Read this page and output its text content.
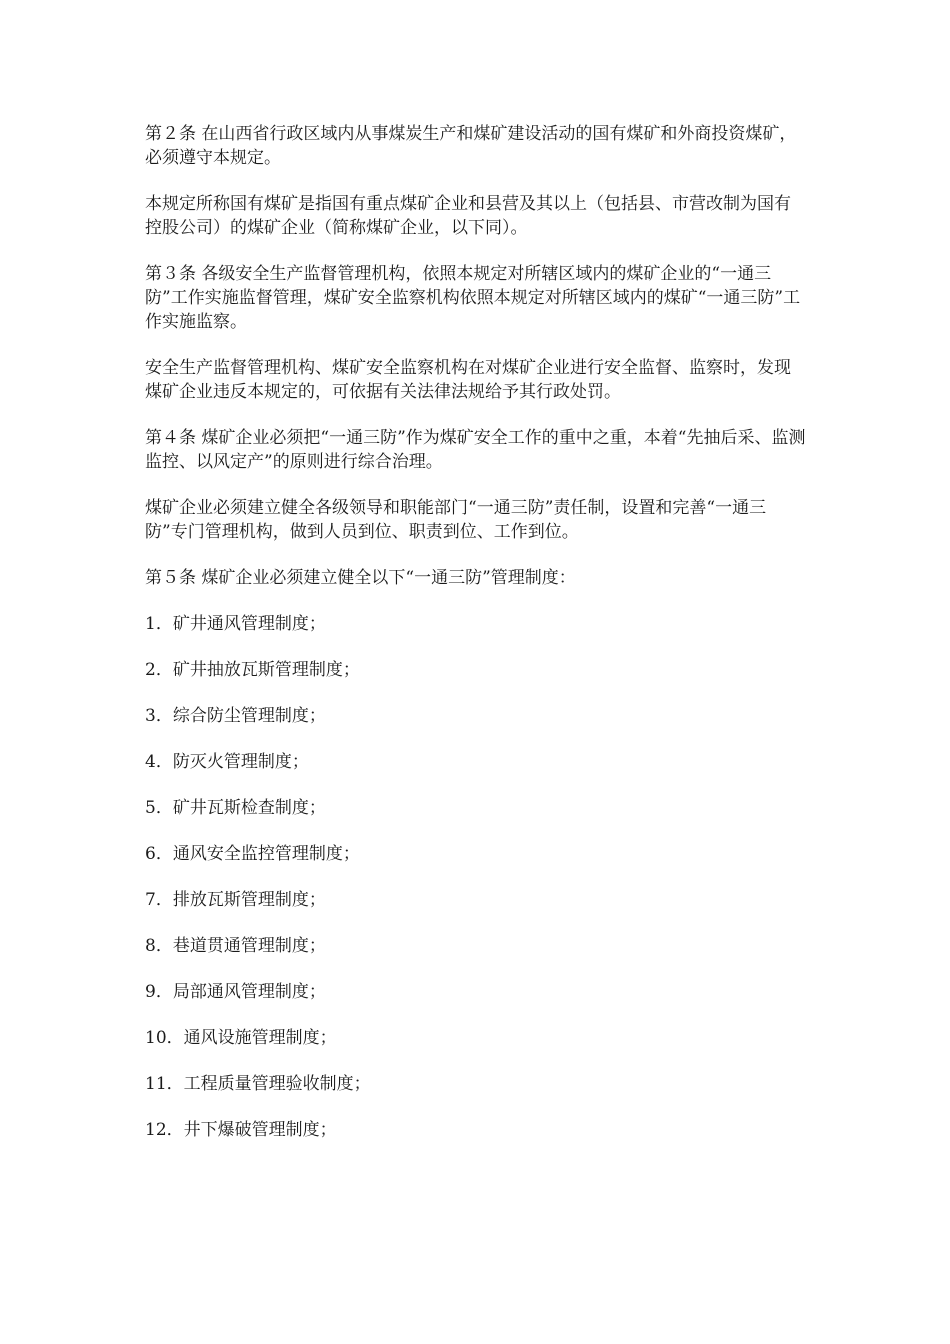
第２条 在山西省行政区域内从事煤炭生产和煤矿建设活动的国有煤矿和外商投资煤矿，必须遵守本规定。

本规定所称国有煤矿是指国有重点煤矿企业和县营及其以上（包括县、市营改制为国有控股公司）的煤矿企业（简称煤矿企业，以下同）。

第３条 各级安全生产监督管理机构，依照本规定对所辖区域内的煤矿企业的“一通三防”工作实施监督管理，煤矿安全监察机构依照本规定对所辖区域内的煤矿“一通三防”工作实施监察。

安全生产监督管理机构、煤矿安全监察机构在对煤矿企业进行安全监督、监察时，发现煤矿企业违反本规定的，可依据有关法律法规给予其行政处罚。

第４条 煤矿企业必须把“一通三防”作为煤矿安全工作的重中之重，本着“先抽后采、监测监控、以风定产”的原则进行综合治理。

煤矿企业必须建立健全各级领导和职能部门“一通三防”责任制，设置和完善“一通三防”专门管理机构，做到人员到位、职责到位、工作到位。

第５条 煤矿企业必须建立健全以下“一通三防”管理制度：

1．矿井通风管理制度；
2．矿井抽放瓦斯管理制度；
3．综合防尘管理制度；
4．防灭火管理制度；
5．矿井瓦斯检查制度；
6．通风安全监控管理制度；
7．排放瓦斯管理制度；
8．巷道贯通管理制度；
9．局部通风管理制度；
10．通风设施管理制度；
11．工程质量管理验收制度；
12．井下爆破管理制度；
